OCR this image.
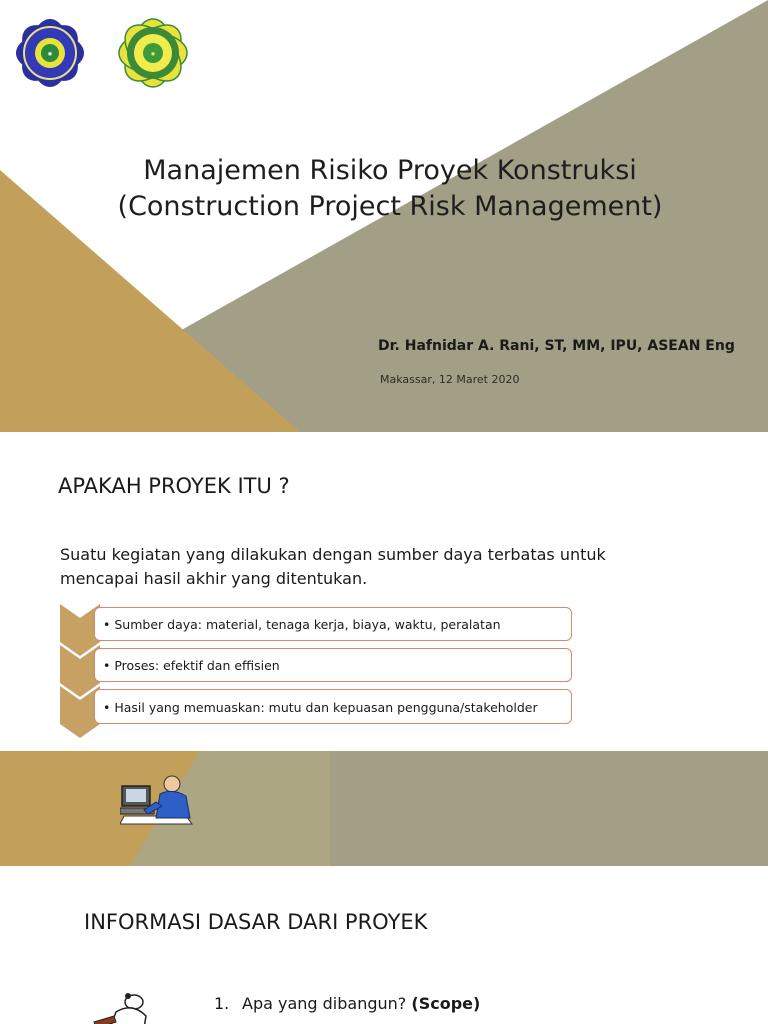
✸	✸
Manajemen Risiko Proyek Konstruksi
(Construction Project Risk Management)
Dr. Hafnidar A. Rani, ST, MM, IPU, ASEAN Eng
Makassar, 12 Maret 2020
APAKAH PROYEK ITU ?
Suatu kegiatan yang dilakukan dengan sumber daya terbatas untuk mencapai hasil akhir yang ditentukan.
• Sumber daya: material, tenaga kerja, biaya, waktu, peralatan
• Proses: efektif dan effisien
• Hasil yang memuaskan: mutu dan kepuasan pengguna/stakeholder
INFORMASI DASAR DARI PROYEK
1. Apa yang dibangun? (Scope)
